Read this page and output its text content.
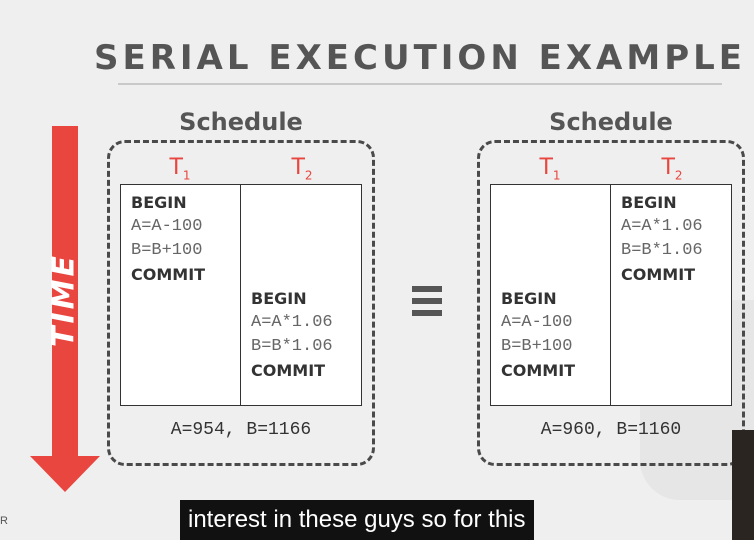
SERIAL EXECUTION EXAMPLE
TIME
Schedule
$T_1$	$T_2$
BEGIN
A=A-100
B=B+100
COMMIT
BEGIN
A=A*1.06
B=B*1.06
COMMIT
A=954, B=1166
Schedule
$T_1$	$T_2$
BEGIN
A=A-100
B=B+100
COMMIT
BEGIN
A=A*1.06
B=B*1.06
COMMIT
A=960, B=1160
interest in these guys so for this
R
